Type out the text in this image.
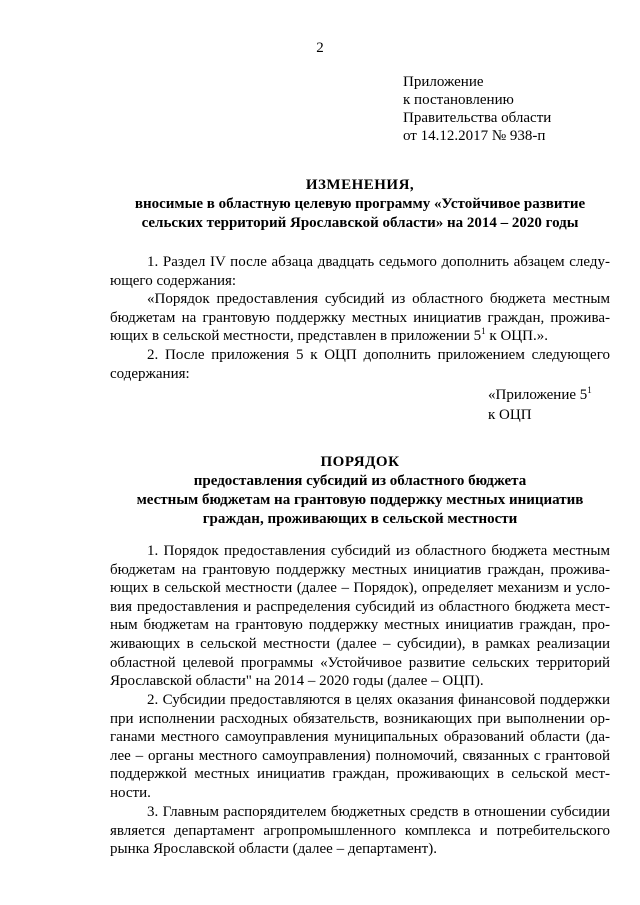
2
Приложение
к постановлению
Правительства области
от 14.12.2017 № 938-п
ИЗМЕНЕНИЯ,
вносимые в областную целевую программу «Устойчивое развитие
сельских территорий Ярославской области» на 2014 – 2020 годы
1. Раздел IV после абзаца двадцать седьмого дополнить абзацем следу-
ющего содержания:
«Порядок предоставления субсидий из областного бюджета местным
бюджетам на грантовую поддержку местных инициатив граждан, прожива-
ющих в сельской местности, представлен в приложении $5^1$ к ОЦП.».
2. После приложения 5 к ОЦП дополнить приложением следующего
содержания:
«Приложение $5^1$
к ОЦП
ПОРЯДОК
предоставления субсидий из областного бюджета
местным бюджетам на грантовую поддержку местных инициатив
граждан, проживающих в сельской местности
1. Порядок предоставления субсидий из областного бюджета местным
бюджетам на грантовую поддержку местных инициатив граждан, прожива-
ющих в сельской местности (далее – Порядок), определяет механизм и усло-
вия предоставления и распределения субсидий из областного бюджета мест-
ным бюджетам на грантовую поддержку местных инициатив граждан, про-
живающих в сельской местности (далее – субсидии), в рамках реализации
областной целевой программы «Устойчивое развитие сельских территорий
Ярославской области" на 2014 – 2020 годы (далее – ОЦП).
2. Субсидии предоставляются в целях оказания финансовой поддержки
при исполнении расходных обязательств, возникающих при выполнении ор-
ганами местного самоуправления муниципальных образований области (да-
лее – органы местного самоуправления) полномочий, связанных с грантовой
поддержкой местных инициатив граждан, проживающих в сельской мест-
ности.
3. Главным распорядителем бюджетных средств в отношении субсидии
является департамент агропромышленного комплекса и потребительского
рынка Ярославской области (далее – департамент).
